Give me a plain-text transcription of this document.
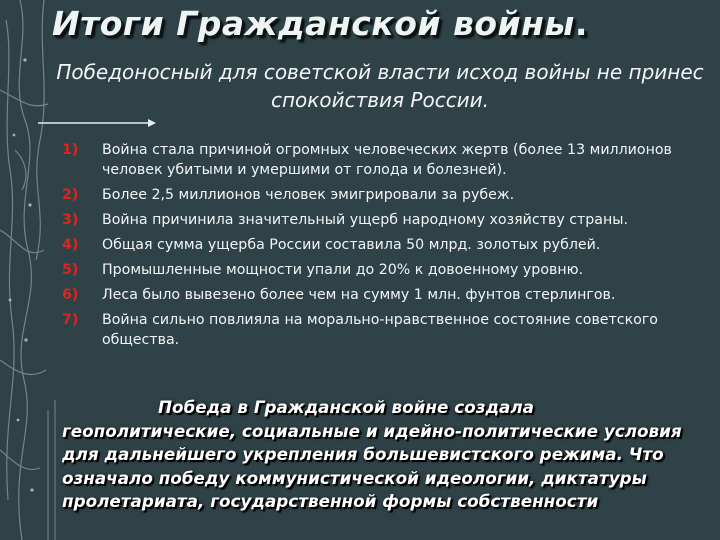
Итоги Гражданской войны.
Победоносный для советской власти исход войны не принес спокойствия России.
1) Война стала причиной огромных человеческих жертв (более 13 миллионов человек убитыми и умершими от голода и болезней).
2) Более 2,5 миллионов человек эмигрировали за рубеж.
3) Война причинила значительный ущерб народному хозяйству страны.
4) Общая сумма ущерба России составила 50 млрд. золотых рублей.
5) Промышленные мощности упали до 20% к довоенному уровню.
6) Леса было вывезено более чем на сумму 1 млн. фунтов стерлингов.
7) Война сильно повлияла на морально-нравственное состояние советского общества.
Победа в Гражданской войне создала
геополитические, социальные и идейно-политические условия для дальнейшего укрепления большевистского режима. Что означало победу коммунистической идеологии, диктатуры пролетариата, государственной формы собственности
